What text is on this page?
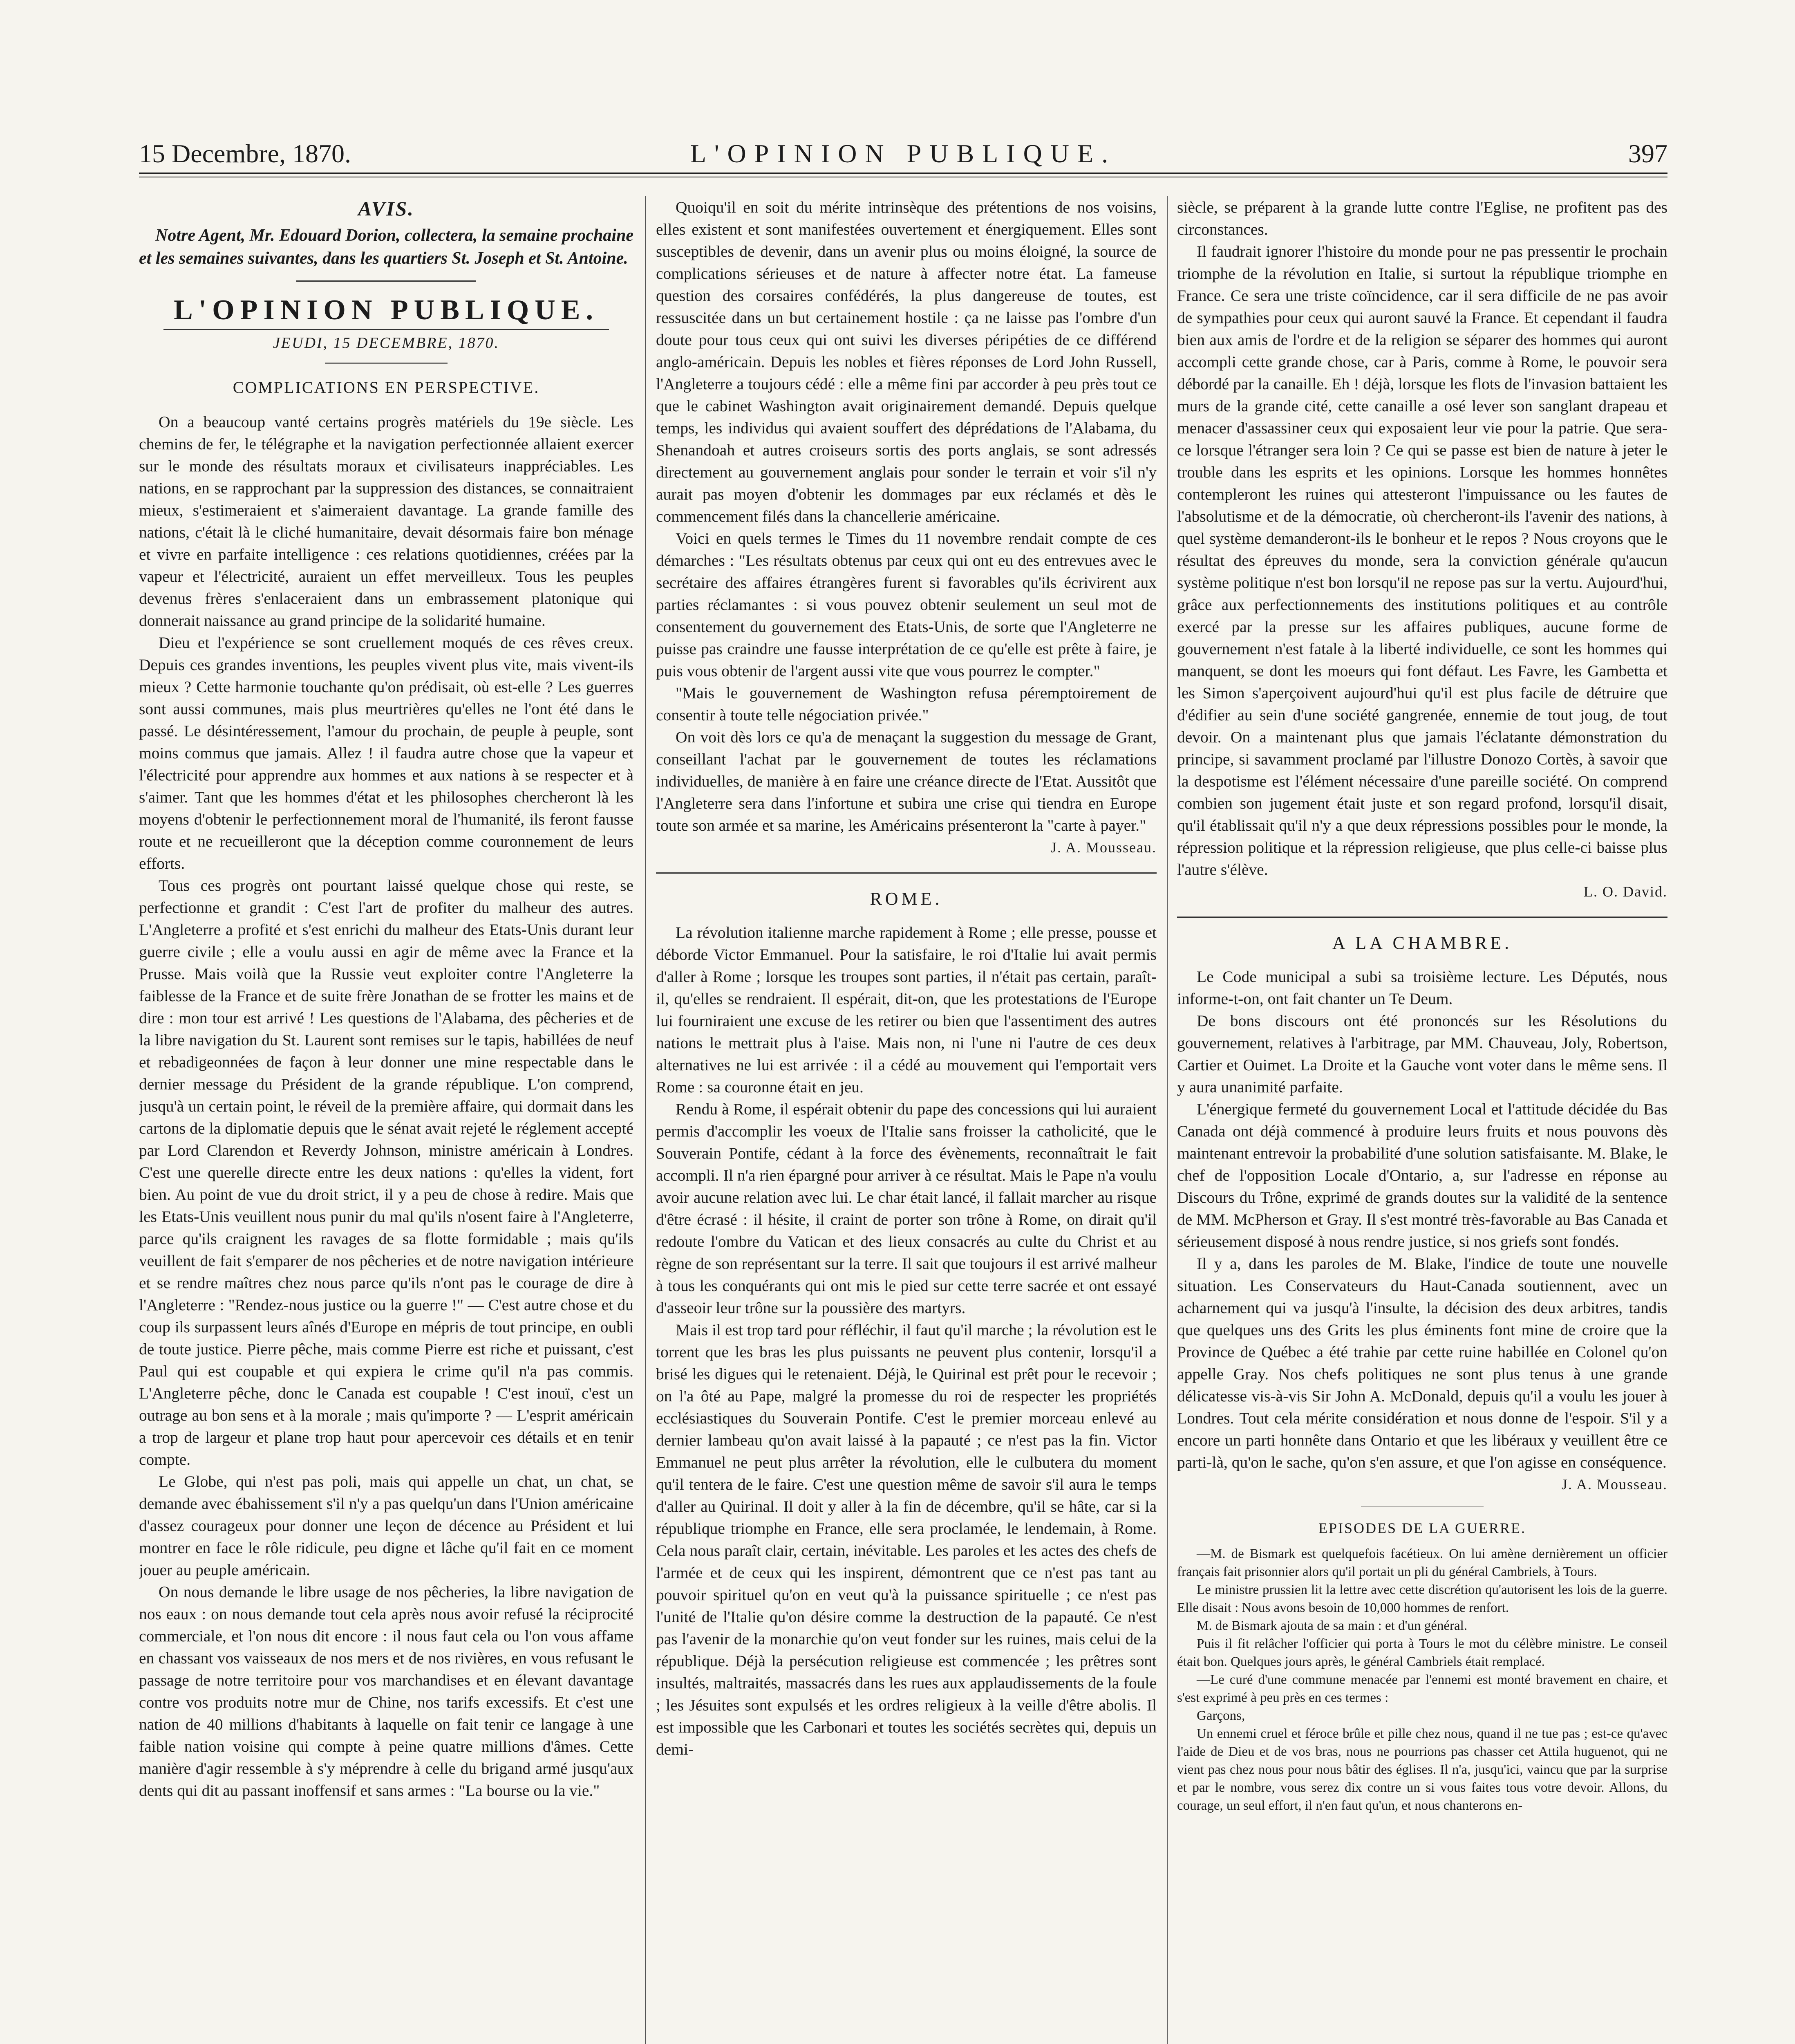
15 Decembre, 1870.	L'OPINION PUBLIQUE.	397
AVIS.

Notre Agent, Mr. Edouard Dorion, collectera, la semaine prochaine et les semaines suivantes, dans les quartiers St. Joseph et St. Antoine.

L'OPINION PUBLIQUE.
JEUDI, 15 DECEMBRE, 1870.
COMPLICATIONS EN PERSPECTIVE.

On a beaucoup vanté certains progrès matériels du 19e siècle. Les chemins de fer, le télégraphe et la navigation perfectionnée allaient exercer sur le monde des résultats moraux et civilisateurs inappréciables. Les nations, en se rapprochant par la suppression des distances, se connaitraient mieux, s'estimeraient et s'aimeraient davantage. La grande famille des nations, c'était là le cliché humanitaire, devait désormais faire bon ménage et vivre en parfaite intelligence : ces relations quotidiennes, créées par la vapeur et l'électricité, auraient un effet merveilleux. Tous les peuples devenus frères s'enlaceraient dans un embrassement platonique qui donnerait naissance au grand principe de la solidarité humaine.

Dieu et l'expérience se sont cruellement moqués de ces rêves creux. Depuis ces grandes inventions, les peuples vivent plus vite, mais vivent-ils mieux ? Cette harmonie touchante qu'on prédisait, où est-elle ? Les guerres sont aussi communes, mais plus meurtrières qu'elles ne l'ont été dans le passé. Le désintéressement, l'amour du prochain, de peuple à peuple, sont moins commus que jamais. Allez ! il faudra autre chose que la vapeur et l'électricité pour apprendre aux hommes et aux nations à se respecter et à s'aimer. Tant que les hommes d'état et les philosophes chercheront là les moyens d'obtenir le perfectionnement moral de l'humanité, ils feront fausse route et ne recueilleront que la déception comme couronnement de leurs efforts.

Tous ces progrès ont pourtant laissé quelque chose qui reste, se perfectionne et grandit : C'est l'art de profiter du malheur des autres. L'Angleterre a profité et s'est enrichi du malheur des Etats-Unis durant leur guerre civile ; elle a voulu aussi en agir de même avec la France et la Prusse. Mais voilà que la Russie veut exploiter contre l'Angleterre la faiblesse de la France et de suite frère Jonathan de se frotter les mains et de dire : mon tour est arrivé ! Les questions de l'Alabama, des pêcheries et de la libre navigation du St. Laurent sont remises sur le tapis, habillées de neuf et rebadigeonnées de façon à leur donner une mine respectable dans le dernier message du Président de la grande république. L'on comprend, jusqu'à un certain point, le réveil de la première affaire, qui dormait dans les cartons de la diplomatie depuis que le sénat avait rejeté le réglement accepté par Lord Clarendon et Reverdy Johnson, ministre américain à Londres. C'est une querelle directe entre les deux nations : qu'elles la vident, fort bien. Au point de vue du droit strict, il y a peu de chose à redire. Mais que les Etats-Unis veuillent nous punir du mal qu'ils n'osent faire à l'Angleterre, parce qu'ils craignent les ravages de sa flotte formidable ; mais qu'ils veuillent de fait s'emparer de nos pêcheries et de notre navigation intérieure et se rendre maîtres chez nous parce qu'ils n'ont pas le courage de dire à l'Angleterre : "Rendez-nous justice ou la guerre !" — C'est autre chose et du coup ils surpassent leurs aînés d'Europe en mépris de tout principe, en oubli de toute justice. Pierre pêche, mais comme Pierre est riche et puissant, c'est Paul qui est coupable et qui expiera le crime qu'il n'a pas commis. L'Angleterre pêche, donc le Canada est coupable ! C'est inouï, c'est un outrage au bon sens et à la morale ; mais qu'importe ? — L'esprit américain a trop de largeur et plane trop haut pour apercevoir ces détails et en tenir compte.

Le Globe, qui n'est pas poli, mais qui appelle un chat, un chat, se demande avec ébahissement s'il n'y a pas quelqu'un dans l'Union américaine d'assez courageux pour donner une leçon de décence au Président et lui montrer en face le rôle ridicule, peu digne et lâche qu'il fait en ce moment jouer au peuple américain.

On nous demande le libre usage de nos pêcheries, la libre navigation de nos eaux : on nous demande tout cela après nous avoir refusé la réciprocité commerciale, et l'on nous dit encore : il nous faut cela ou l'on vous affame en chassant vos vaisseaux de nos mers et de nos rivières, en vous refusant le passage de notre territoire pour vos marchandises et en élevant davantage contre vos produits notre mur de Chine, nos tarifs excessifs. Et c'est une nation de 40 millions d'habitants à laquelle on fait tenir ce langage à une faible nation voisine qui compte à peine quatre millions d'âmes. Cette manière d'agir ressemble à s'y méprendre à celle du brigand armé jusqu'aux dents qui dit au passant inoffensif et sans armes : "La bourse ou la vie."

Quoiqu'il en soit du mérite intrinsèque des prétentions de nos voisins, elles existent et sont manifestées ouvertement et énergiquement. Elles sont susceptibles de devenir, dans un avenir plus ou moins éloigné, la source de complications sérieuses et de nature à affecter notre état. La fameuse question des corsaires confédérés, la plus dangereuse de toutes, est ressuscitée dans un but certainement hostile : ça ne laisse pas l'ombre d'un doute pour tous ceux qui ont suivi les diverses péripéties de ce différend anglo-américain. Depuis les nobles et fières réponses de Lord John Russell, l'Angleterre a toujours cédé : elle a même fini par accorder à peu près tout ce que le cabinet Washington avait originairement demandé. Depuis quelque temps, les individus qui avaient souffert des déprédations de l'Alabama, du Shenandoah et autres croiseurs sortis des ports anglais, se sont adressés directement au gouvernement anglais pour sonder le terrain et voir s'il n'y aurait pas moyen d'obtenir les dommages par eux réclamés et dès le commencement filés dans la chancellerie américaine.

Voici en quels termes le Times du 11 novembre rendait compte de ces démarches : "Les résultats obtenus par ceux qui ont eu des entrevues avec le secrétaire des affaires étrangères furent si favorables qu'ils écrivirent aux parties réclamantes : si vous pouvez obtenir seulement un seul mot de consentement du gouvernement des Etats-Unis, de sorte que l'Angleterre ne puisse pas craindre une fausse interprétation de ce qu'elle est prête à faire, je puis vous obtenir de l'argent aussi vite que vous pourrez le compter."

"Mais le gouvernement de Washington refusa péremptoirement de consentir à toute telle négociation privée."

On voit dès lors ce qu'a de menaçant la suggestion du message de Grant, conseillant l'achat par le gouvernement de toutes les réclamations individuelles, de manière à en faire une créance directe de l'Etat. Aussitôt que l'Angleterre sera dans l'infortune et subira une crise qui tiendra en Europe toute son armée et sa marine, les Américains présenteront la "carte à payer."

J. A. Mousseau.

ROME.

La révolution italienne marche rapidement à Rome ; elle presse, pousse et déborde Victor Emmanuel. Pour la satisfaire, le roi d'Italie lui avait permis d'aller à Rome ; lorsque les troupes sont parties, il n'était pas certain, paraît-il, qu'elles se rendraient. Il espérait, dit-on, que les protestations de l'Europe lui fourniraient une excuse de les retirer ou bien que l'assentiment des autres nations le mettrait plus à l'aise. Mais non, ni l'une ni l'autre de ces deux alternatives ne lui est arrivée : il a cédé au mouvement qui l'emportait vers Rome : sa couronne était en jeu.

Rendu à Rome, il espérait obtenir du pape des concessions qui lui auraient permis d'accomplir les voeux de l'Italie sans froisser la catholicité, que le Souverain Pontife, cédant à la force des évènements, reconnaîtrait le fait accompli. Il n'a rien épargné pour arriver à ce résultat. Mais le Pape n'a voulu avoir aucune relation avec lui. Le char était lancé, il fallait marcher au risque d'être écrasé : il hésite, il craint de porter son trône à Rome, on dirait qu'il redoute l'ombre du Vatican et des lieux consacrés au culte du Christ et au règne de son représentant sur la terre. Il sait que toujours il est arrivé malheur à tous les conquérants qui ont mis le pied sur cette terre sacrée et ont essayé d'asseoir leur trône sur la poussière des martyrs.

Mais il est trop tard pour réfléchir, il faut qu'il marche ; la révolution est le torrent que les bras les plus puissants ne peuvent plus contenir, lorsqu'il a brisé les digues qui le retenaient. Déjà, le Quirinal est prêt pour le recevoir ; on l'a ôté au Pape, malgré la promesse du roi de respecter les propriétés ecclésiastiques du Souverain Pontife. C'est le premier morceau enlevé au dernier lambeau qu'on avait laissé à la papauté ; ce n'est pas la fin. Victor Emmanuel ne peut plus arrêter la révolution, elle le culbutera du moment qu'il tentera de le faire. C'est une question même de savoir s'il aura le temps d'aller au Quirinal. Il doit y aller à la fin de décembre, qu'il se hâte, car si la république triomphe en France, elle sera proclamée, le lendemain, à Rome. Cela nous paraît clair, certain, inévitable. Les paroles et les actes des chefs de l'armée et de ceux qui les inspirent, démontrent que ce n'est pas tant au pouvoir spirituel qu'on en veut qu'à la puissance spirituelle ; ce n'est pas l'unité de l'Italie qu'on désire comme la destruction de la papauté. Ce n'est pas l'avenir de la monarchie qu'on veut fonder sur les ruines, mais celui de la république. Déjà la persécution religieuse est commencée ; les prêtres sont insultés, maltraités, massacrés dans les rues aux applaudissements de la foule ; les Jésuites sont expulsés et les ordres religieux à la veille d'être abolis. Il est impossible que les Carbonari et toutes les sociétés secrètes qui, depuis un demi-

siècle, se préparent à la grande lutte contre l'Eglise, ne profitent pas des circonstances.

Il faudrait ignorer l'histoire du monde pour ne pas pressentir le prochain triomphe de la révolution en Italie, si surtout la république triomphe en France. Ce sera une triste coïncidence, car il sera difficile de ne pas avoir de sympathies pour ceux qui auront sauvé la France. Et cependant il faudra bien aux amis de l'ordre et de la religion se séparer des hommes qui auront accompli cette grande chose, car à Paris, comme à Rome, le pouvoir sera débordé par la canaille. Eh ! déjà, lorsque les flots de l'invasion battaient les murs de la grande cité, cette canaille a osé lever son sanglant drapeau et menacer d'assassiner ceux qui exposaient leur vie pour la patrie. Que sera-ce lorsque l'étranger sera loin ? Ce qui se passe est bien de nature à jeter le trouble dans les esprits et les opinions. Lorsque les hommes honnêtes contempleront les ruines qui attesteront l'impuissance ou les fautes de l'absolutisme et de la démocratie, où chercheront-ils l'avenir des nations, à quel système demanderont-ils le bonheur et le repos ? Nous croyons que le résultat des épreuves du monde, sera la conviction générale qu'aucun système politique n'est bon lorsqu'il ne repose pas sur la vertu. Aujourd'hui, grâce aux perfectionnements des institutions politiques et au contrôle exercé par la presse sur les affaires publiques, aucune forme de gouvernement n'est fatale à la liberté individuelle, ce sont les hommes qui manquent, se dont les moeurs qui font défaut. Les Favre, les Gambetta et les Simon s'aperçoivent aujourd'hui qu'il est plus facile de détruire que d'édifier au sein d'une société gangrenée, ennemie de tout joug, de tout devoir. On a maintenant plus que jamais l'éclatante démonstration du principe, si savamment proclamé par l'illustre Donozo Cortès, à savoir que la despotisme est l'élément nécessaire d'une pareille société. On comprend combien son jugement était juste et son regard profond, lorsqu'il disait, qu'il établissait qu'il n'y a que deux répressions possibles pour le monde, la répression politique et la répression religieuse, que plus celle-ci baisse plus l'autre s'élève.

L. O. David.

A LA CHAMBRE.

Le Code municipal a subi sa troisième lecture. Les Députés, nous informe-t-on, ont fait chanter un Te Deum.

De bons discours ont été prononcés sur les Résolutions du gouvernement, relatives à l'arbitrage, par MM. Chauveau, Joly, Robertson, Cartier et Ouimet. La Droite et la Gauche vont voter dans le même sens. Il y aura unanimité parfaite.

L'énergique fermeté du gouvernement Local et l'attitude décidée du Bas Canada ont déjà commencé à produire leurs fruits et nous pouvons dès maintenant entrevoir la probabilité d'une solution satisfaisante. M. Blake, le chef de l'opposition Locale d'Ontario, a, sur l'adresse en réponse au Discours du Trône, exprimé de grands doutes sur la validité de la sentence de MM. McPherson et Gray. Il s'est montré très-favorable au Bas Canada et sérieusement disposé à nous rendre justice, si nos griefs sont fondés.

Il y a, dans les paroles de M. Blake, l'indice de toute une nouvelle situation. Les Conservateurs du Haut-Canada soutiennent, avec un acharnement qui va jusqu'à l'insulte, la décision des deux arbitres, tandis que quelques uns des Grits les plus éminents font mine de croire que la Province de Québec a été trahie par cette ruine habillée en Colonel qu'on appelle Gray. Nos chefs politiques ne sont plus tenus à une grande délicatesse vis-à-vis Sir John A. McDonald, depuis qu'il a voulu les jouer à Londres. Tout cela mérite considération et nous donne de l'espoir. S'il y a encore un parti honnête dans Ontario et que les libéraux y veuillent être ce parti-là, qu'on le sache, qu'on s'en assure, et que l'on agisse en conséquence.

J. A. Mousseau.

EPISODES DE LA GUERRE.

—M. de Bismark est quelquefois facétieux. On lui amène dernièrement un officier français fait prisonnier alors qu'il portait un pli du général Cambriels, à Tours.

Le ministre prussien lit la lettre avec cette discrétion qu'autorisent les lois de la guerre. Elle disait : Nous avons besoin de 10,000 hommes de renfort.

M. de Bismark ajouta de sa main : et d'un général.

Puis il fit relâcher l'officier qui porta à Tours le mot du célèbre ministre. Le conseil était bon. Quelques jours après, le général Cambriels était remplacé.

—Le curé d'une commune menacée par l'ennemi est monté bravement en chaire, et s'est exprimé à peu près en ces termes :

Garçons,

Un ennemi cruel et féroce brûle et pille chez nous, quand il ne tue pas ; est-ce qu'avec l'aide de Dieu et de vos bras, nous ne pourrions pas chasser cet Attila huguenot, qui ne vient pas chez nous pour nous bâtir des églises. Il n'a, jusqu'ici, vaincu que par la surprise et par le nombre, vous serez dix contre un si vous faites tous votre devoir. Allons, du courage, un seul effort, il n'en faut qu'un, et nous chanterons en-
